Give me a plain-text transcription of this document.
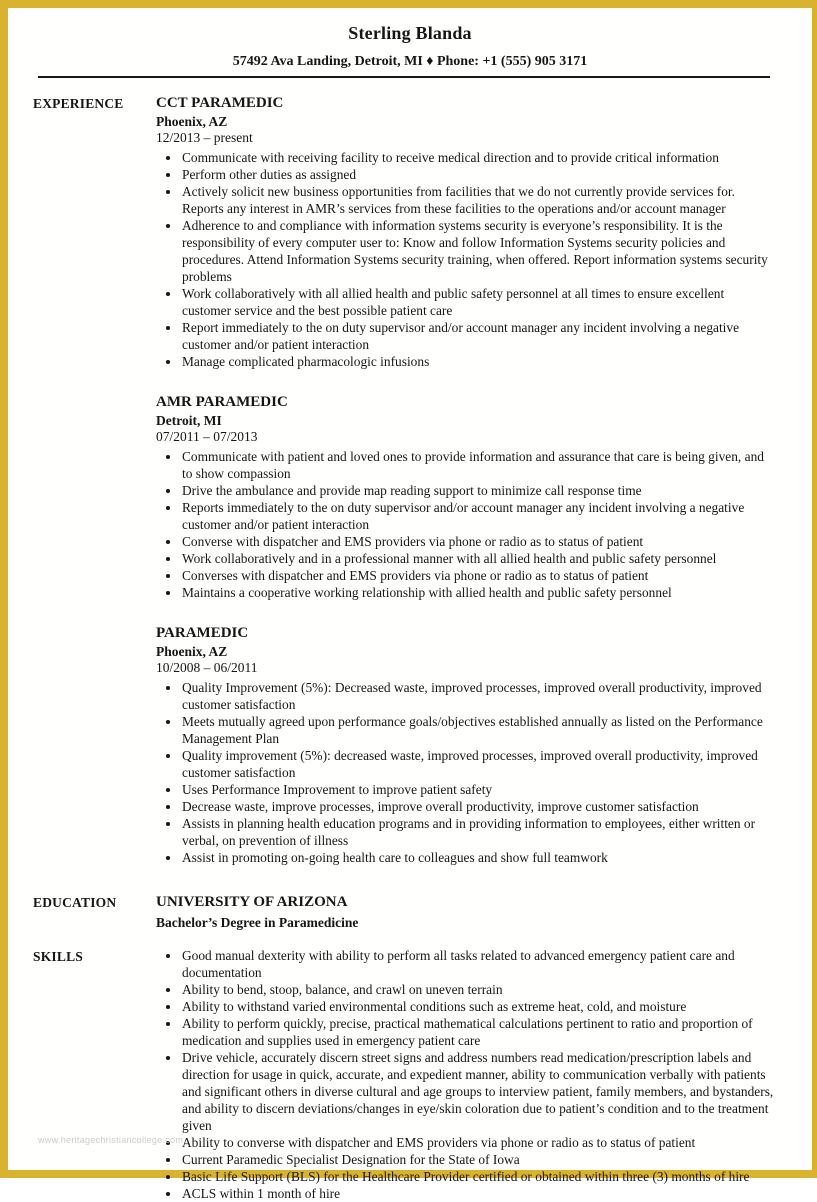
Sterling Blanda
57492 Ava Landing, Detroit, MI ♦ Phone: +1 (555) 905 3171
EXPERIENCE	CCT PARAMEDIC
Phoenix, AZ
12/2013 – present
• Communicate with receiving facility to receive medical direction and to provide critical information
• Perform other duties as assigned
• Actively solicit new business opportunities from facilities that we do not currently provide services for. Reports any interest in AMR’s services from these facilities to the operations and/or account manager
• Adherence to and compliance with information systems security is everyone’s responsibility. It is the responsibility of every computer user to: Know and follow Information Systems security policies and procedures. Attend Information Systems security training, when offered. Report information systems security problems
• Work collaboratively with all allied health and public safety personnel at all times to ensure excellent customer service and the best possible patient care
• Report immediately to the on duty supervisor and/or account manager any incident involving a negative customer and/or patient interaction
• Manage complicated pharmacologic infusions
AMR PARAMEDIC
Detroit, MI
07/2011 – 07/2013
• Communicate with patient and loved ones to provide information and assurance that care is being given, and to show compassion
• Drive the ambulance and provide map reading support to minimize call response time
• Reports immediately to the on duty supervisor and/or account manager any incident involving a negative customer and/or patient interaction
• Converse with dispatcher and EMS providers via phone or radio as to status of patient
• Work collaboratively and in a professional manner with all allied health and public safety personnel
• Converses with dispatcher and EMS providers via phone or radio as to status of patient
• Maintains a cooperative working relationship with allied health and public safety personnel
PARAMEDIC
Phoenix, AZ
10/2008 – 06/2011
• Quality Improvement (5%): Decreased waste, improved processes, improved overall productivity, improved customer satisfaction
• Meets mutually agreed upon performance goals/objectives established annually as listed on the Performance Management Plan
• Quality improvement (5%): decreased waste, improved processes, improved overall productivity, improved customer satisfaction
• Uses Performance Improvement to improve patient safety
• Decrease waste, improve processes, improve overall productivity, improve customer satisfaction
• Assists in planning health education programs and in providing information to employees, either written or verbal, on prevention of illness
• Assist in promoting on-going health care to colleagues and show full teamwork
EDUCATION	UNIVERSITY OF ARIZONA
Bachelor’s Degree in Paramedicine
SKILLS	• Good manual dexterity with ability to perform all tasks related to advanced emergency patient care and documentation
• Ability to bend, stoop, balance, and crawl on uneven terrain
• Ability to withstand varied environmental conditions such as extreme heat, cold, and moisture
• Ability to perform quickly, precise, practical mathematical calculations pertinent to ratio and proportion of medication and supplies used in emergency patient care
• Drive vehicle, accurately discern street signs and address numbers read medication/prescription labels and direction for usage in quick, accurate, and expedient manner, ability to communication verbally with patients and significant others in diverse cultural and age groups to interview patient, family members, and bystanders, and ability to discern deviations/changes in eye/skin coloration due to patient’s condition and to the treatment given
• Ability to converse with dispatcher and EMS providers via phone or radio as to status of patient
• Current Paramedic Specialist Designation for the State of Iowa
• Basic Life Support (BLS) for the Healthcare Provider certified or obtained within three (3) months of hire
• ACLS within 1 month of hire
www.heritagechristiancollege.com
